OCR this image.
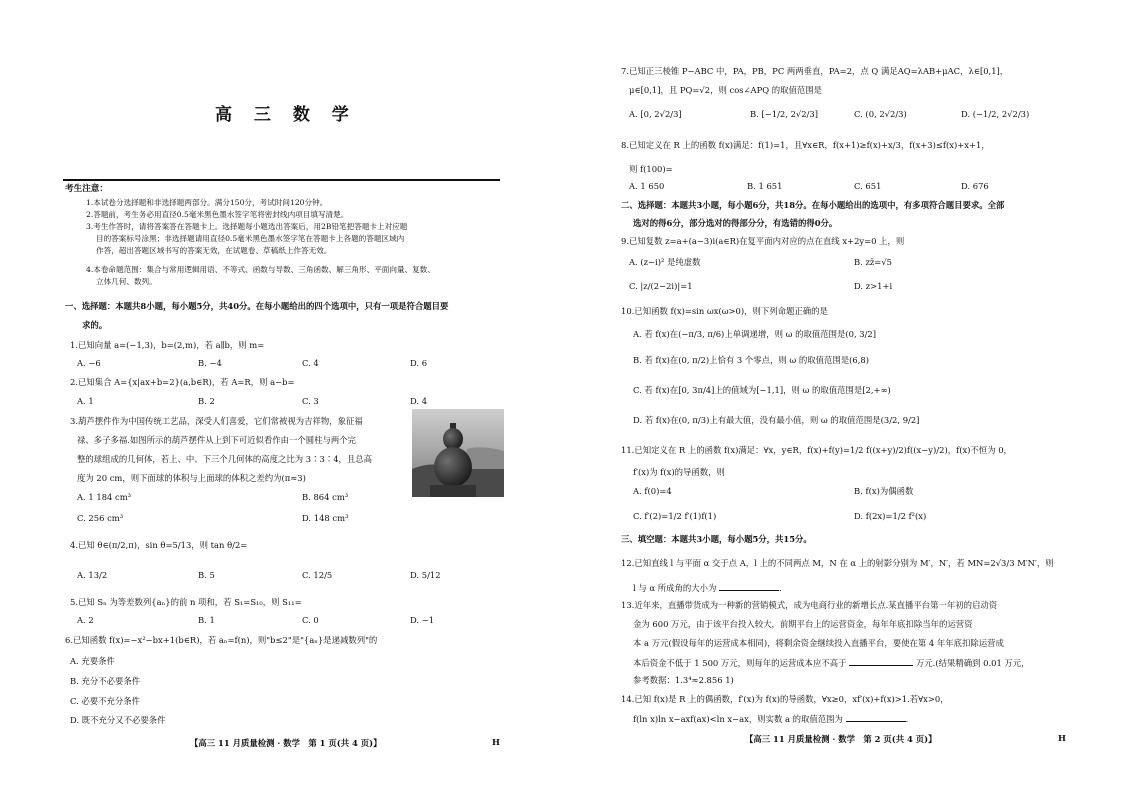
高 三 数 学
考生注意：
1.本试卷分选择题和非选择题两部分。满分150分，考试时间120分钟。
2.答题前，考生务必用直径0.5毫米黑色墨水签字笔将密封线内项目填写清楚。
3.考生作答时，请将答案答在答题卡上。选择题每小题选出答案后，用2B铅笔把答题卡上对应题
目的答案标号涂黑；非选择题请用直径0.5毫米黑色墨水签字笔在答题卡上各题的答题区域内
作答，超出答题区域书写的答案无效，在试题卷、草稿纸上作答无效。
4.本卷命题范围：集合与常用逻辑用语、不等式、函数与导数、三角函数、解三角形、平面向量、复数、
立体几何、数列。
一、选择题：本题共8小题，每小题5分，共40分。在每小题给出的四个选项中，只有一项是符合题目要
求的。
1.已知向量 a=(−1,3)，b=(2,m)，若 a∥b，则 m=
A. −6	B. −4	C. 4	D. 6
2.已知集合 A={x|ax+b=2}(a,b∈R)，若 A=R，则 a−b=
A. 1	B. 2	C. 3	D. 4
3.葫芦摆件作为中国传统工艺品，深受人们喜爱，它们常被视为吉祥物，象征福
禄、多子多福.如图所示的葫芦摆件从上到下可近似看作由一个圆柱与两个完
整的球组成的几何体，若上、中、下三个几何体的高度之比为 3∶3∶4，且总高
度为 20 cm，则下面球的体积与上面球的体积之差约为(π≈3)
A. 1 184 cm³	B. 864 cm³
C. 256 cm³	D. 148 cm³
4.已知 θ∈(π/2,π)，sin θ=5/13，则 tan θ/2=
A. 13/2	B. 5	C. 12/5	D. 5/12
5.已知 Sₙ 为等差数列{aₙ}的前 n 项和，若 S₁=S₁₀，则 S₁₁=
A. 2	B. 1	C. 0	D. −1
6.已知函数 f(x)=−x²−bx+1(b∈R)，若 aₙ=f(n)，则"b≤2"是"{aₙ}是递减数列"的
A. 充要条件
B. 充分不必要条件
C. 必要不充分条件
D. 既不充分又不必要条件
【高三 11 月质量检测 · 数学　第 1 页(共 4 页)】	H
7.已知正三棱锥 P−ABC 中，PA，PB，PC 两两垂直，PA=2，点 Q 满足AQ=λAB+μAC，λ∈[0,1]，
μ∈[0,1]，且 PQ=√2，则 cos∠APQ 的取值范围是
A. [0, 2√2/3]	B. [−1/2, 2√2/3]	C. (0, 2√2/3)	D. (−1/2, 2√2/3)
8.已知定义在 R 上的函数 f(x)满足：f(1)=1，且∀x∈R，f(x+1)≥f(x)+x/3，f(x+3)≤f(x)+x+1，
则 f(100)=
A. 1 650	B. 1 651	C. 651	D. 676
二、选择题：本题共3小题，每小题6分，共18分。在每小题给出的选项中，有多项符合题目要求。全部
选对的得6分，部分选对的得部分分，有选错的得0分。
9.已知复数 z=a+(a−3)i(a∈R)在复平面内对应的点在直线 x+2y=0 上，则
A. (z−i)² 是纯虚数	B. zz̄=√5
C. |z/(2−2i)|=1	D. z>1+i
10.已知函数 f(x)=sin ωx(ω>0)，则下列命题正确的是
A. 若 f(x)在(−π/3, π/6)上单调递增，则 ω 的取值范围是(0, 3/2]
B. 若 f(x)在(0, π/2)上恰有 3 个零点，则 ω 的取值范围是(6,8)
C. 若 f(x)在[0, 3π/4]上的值域为[−1,1]，则 ω 的取值范围是[2,+∞)
D. 若 f(x)在(0, π/3)上有最大值，没有最小值，则 ω 的取值范围是(3/2, 9/2]
11.已知定义在 R 上的函数 f(x)满足：∀x，y∈R，f(x)+f(y)=1/2 f((x+y)/2)f((x−y)/2)，f(x)不恒为 0，
f′(x)为 f(x)的导函数，则
A. f(0)=4	B. f(x)为偶函数
C. f′(2)=1/2 f′(1)f(1)	D. f(2x)=1/2 f²(x)
三、填空题：本题共3小题，每小题5分，共15分。
12.已知直线 l 与平面 α 交于点 A，l 上的不同两点 M，N 在 α 上的射影分别为 M′，N′，若 MN=2√3/3 M′N′，则
l 与 α 所成角的大小为	.
13.近年来，直播带货成为一种新的营销模式，成为电商行业的新增长点.某直播平台第一年初的启动资
金为 600 万元，由于该平台投入较大，前期平台上的运营资金，每年年底扣除当年的运营资
本 a 万元(假设每年的运营成本相同)，将剩余资金继续投入直播平台，要使在第 4 年年底扣除运营成
本后资金不低于 1 500 万元，则每年的运营成本应不高于	万元.(结果精确到 0.01 万元，
参考数据：1.3⁴≈2.856 1)
14.已知 f(x)是 R 上的偶函数，f′(x)为 f(x)的导函数，∀x≥0，xf′(x)+f(x)>1.若∀x>0，
f(ln x)ln x−axf(ax)<ln x−ax，则实数 a 的取值范围为	.
【高三 11 月质量检测 · 数学　第 2 页(共 4 页)】	H
